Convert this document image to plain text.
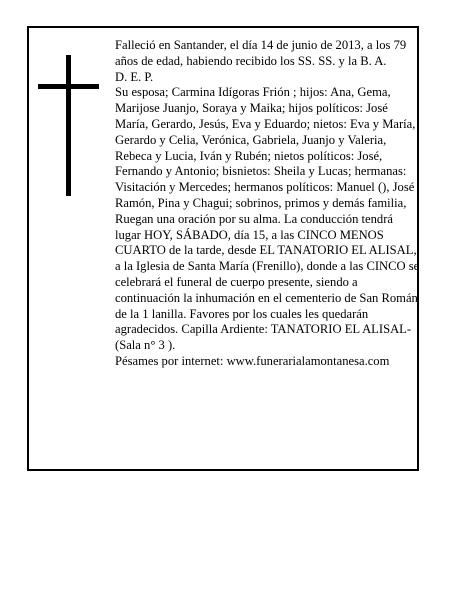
Falleció en Santander, el día 14 de junio de 2013, a los 79 años de edad, habiendo recibido los SS. SS. y la B. A.

D. E. P.

Su esposa; Carmina Idígoras Frión ; hijos: Ana, Gema, Marijose Juanjo, Soraya y Maika; hijos políticos: José María, Gerardo, Jesús, Eva y Eduardo; nietos: Eva y María, Gerardo y Celia, Verónica, Gabriela, Juanjo y Valeria, Rebeca y Lucia, Iván y Rubén; nietos políticos: José, Fernando y Antonio; bisnietos: Sheila y Lucas; hermanas: Visitación y Mercedes; hermanos políticos: Manuel (), José Ramón, Pina y Chagui; sobrinos, primos y demás familia,

Ruegan una oración por su alma. La conducción tendrá lugar HOY, SÁBADO, día 15, a las CINCO MENOS CUARTO de la tarde, desde EL TANATORIO EL ALISAL, a la Iglesia de Santa María (Frenillo), donde a las CINCO se celebrará el funeral de cuerpo presente, siendo a continuación la inhumación en el cementerio de San Román de la 1 lanilla. Favores por los cuales les quedarán agradecidos. Capilla Ardiente: TANATORIO EL ALISAL- (Sala n° 3 ).

Pésames por internet: www.funerarialamontanesa.com
